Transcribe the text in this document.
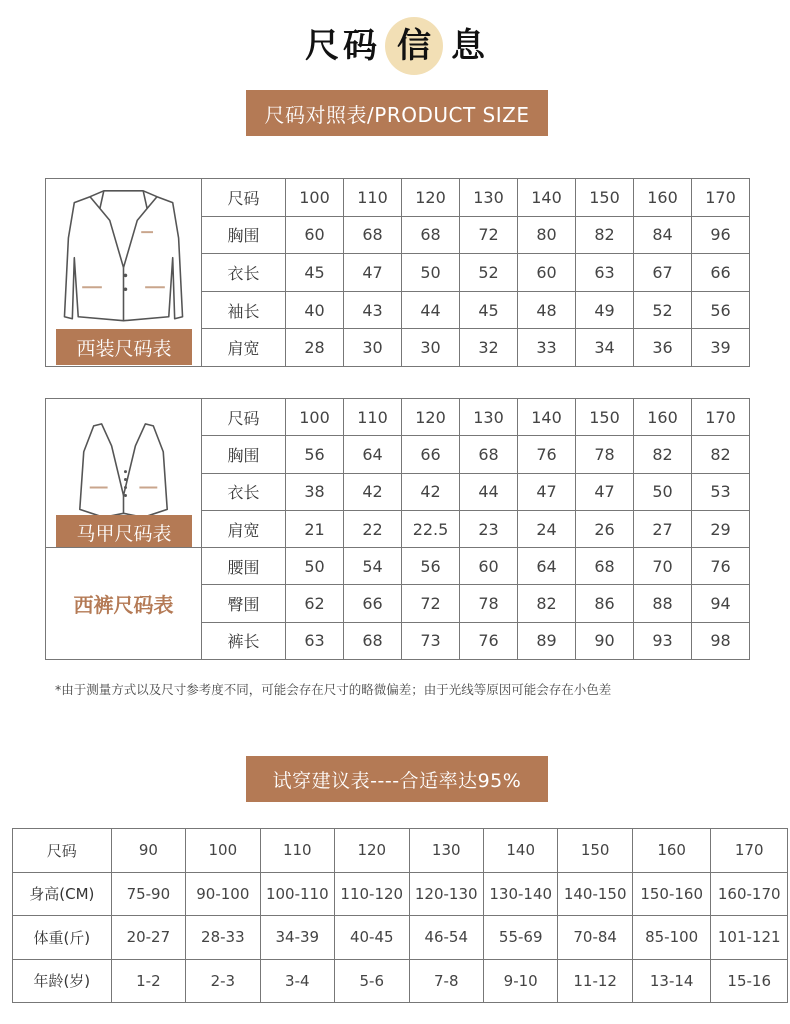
尺 码 信 息
尺码对照表/PRODUCT SIZE
西装尺码表	尺码	100	110	120	130	140	150	160	170
	胸围	60	68	68	72	80	82	84	96
	衣长	45	47	50	52	60	63	67	66
	袖长	40	43	44	45	48	49	52	56
	肩宽	28	30	30	32	33	34	36	39
马甲尺码表	尺码	100	110	120	130	140	150	160	170
	胸围	56	64	66	68	76	78	82	82
	衣长	38	42	42	44	47	47	50	53
	肩宽	21	22	22.5	23	24	26	27	29

西裤尺码表	腰围	50	54	56	60	64	68	70	76
	臀围	62	66	72	78	82	86	88	94
	裤长	63	68	73	76	89	90	93	98
*由于测量方式以及尺寸参考度不同，可能会存在尺寸的略微偏差；由于光线等原因可能会存在小色差
试穿建议表----合适率达95%
尺码	90	100	110	120	130	140	150	160	170
身高(CM)	75-90	90-100	100-110	110-120	120-130	130-140	140-150	150-160	160-170
体重(斤)	20-27	28-33	34-39	40-45	46-54	55-69	70-84	85-100	101-121
年龄(岁)	1-2	2-3	3-4	5-6	7-8	9-10	11-12	13-14	15-16
